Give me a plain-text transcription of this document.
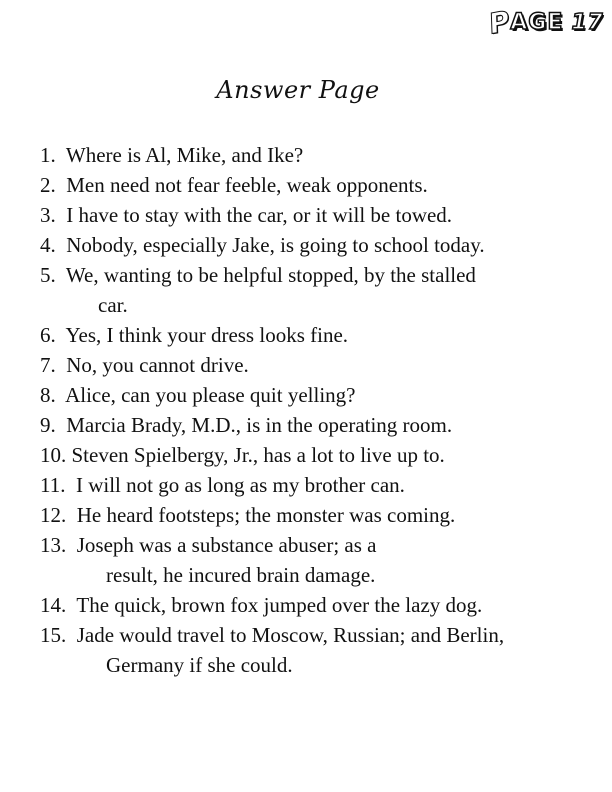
P AGE 17
Answer Page
1. Where is Al, Mike, and Ike?
2. Men need not fear feeble, weak opponents.
3. I have to stay with the car, or it will be towed.
4. Nobody, especially Jake, is going to school today.
5. We, wanting to be helpful stopped, by the stalled
car.
6. Yes, I think your dress looks fine.
7. No, you cannot drive.
8. Alice, can you please quit yelling?
9. Marcia Brady, M.D., is in the operating room.
10. Steven Spielbergy, Jr., has a lot to live up to.
11. I will not go as long as my brother can.
12. He heard footsteps; the monster was coming.
13. Joseph was a substance abuser; as a
result, he incured brain damage.
14. The quick, brown fox jumped over the lazy dog.
15. Jade would travel to Moscow, Russian; and Berlin,
Germany if she could.
